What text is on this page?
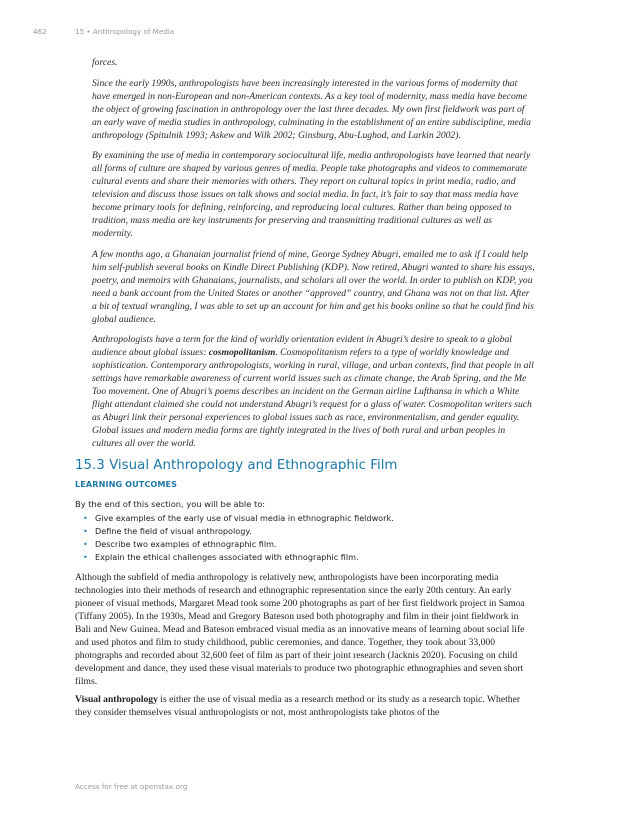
462	15 • Anthropology of Media

forces.

Since the early 1990s, anthropologists have been increasingly interested in the various forms of modernity that have emerged in non-European and non-American contexts. As a key tool of modernity, mass media have become the object of growing fascination in anthropology over the last three decades. My own first fieldwork was part of an early wave of media studies in anthropology, culminating in the establishment of an entire subdiscipline, media anthropology (Spitulnik 1993; Askew and Wilk 2002; Ginsburg, Abu-Lughod, and Larkin 2002).

By examining the use of media in contemporary sociocultural life, media anthropologists have learned that nearly all forms of culture are shaped by various genres of media. People take photographs and videos to commemorate cultural events and share their memories with others. They report on cultural topics in print media, radio, and television and discuss those issues on talk shows and social media. In fact, it’s fair to say that mass media have become primary tools for defining, reinforcing, and reproducing local cultures. Rather than being opposed to tradition, mass media are key instruments for preserving and transmitting traditional cultures as well as modernity.

A few months ago, a Ghanaian journalist friend of mine, George Sydney Abugri, emailed me to ask if I could help him self-publish several books on Kindle Direct Publishing (KDP). Now retired, Abugri wanted to share his essays, poetry, and memoirs with Ghanaians, journalists, and scholars all over the world. In order to publish on KDP, you need a bank account from the United States or another “approved” country, and Ghana was not on that list. After a bit of textual wrangling, I was able to set up an account for him and get his books online so that he could find his global audience.

Anthropologists have a term for the kind of worldly orientation evident in Abugri’s desire to speak to a global audience about global issues: cosmopolitanism. Cosmopolitanism refers to a type of worldly knowledge and sophistication. Contemporary anthropologists, working in rural, village, and urban contexts, find that people in all settings have remarkable awareness of current world issues such as climate change, the Arab Spring, and the Me Too movement. One of Abugri’s poems describes an incident on the German airline Lufthansa in which a White flight attendant claimed she could not understand Abugri’s request for a glass of water. Cosmopolitan writers such as Abugri link their personal experiences to global issues such as race, environmentalism, and gender equality. Global issues and modern media forms are tightly integrated in the lives of both rural and urban peoples in cultures all over the world.

15.3 Visual Anthropology and Ethnographic Film
LEARNING OUTCOMES

By the end of this section, you will be able to:

• Give examples of the early use of visual media in ethnographic fieldwork.
• Define the field of visual anthropology.
• Describe two examples of ethnographic film.
• Explain the ethical challenges associated with ethnographic film.

Although the subfield of media anthropology is relatively new, anthropologists have been incorporating media technologies into their methods of research and ethnographic representation since the early 20th century. An early pioneer of visual methods, Margaret Mead took some 200 photographs as part of her first fieldwork project in Samoa (Tiffany 2005). In the 1930s, Mead and Gregory Bateson used both photography and film in their joint fieldwork in Bali and New Guinea. Mead and Bateson embraced visual media as an innovative means of learning about social life and used photos and film to study childhood, public ceremonies, and dance. Together, they took about 33,000 photographs and recorded about 32,600 feet of film as part of their joint research (Jacknis 2020). Focusing on child development and dance, they used these visual materials to produce two photographic ethnographies and seven short films.

Visual anthropology is either the use of visual media as a research method or its study as a research topic. Whether they consider themselves visual anthropologists or not, most anthropologists take photos of the

Access for free at openstax.org
